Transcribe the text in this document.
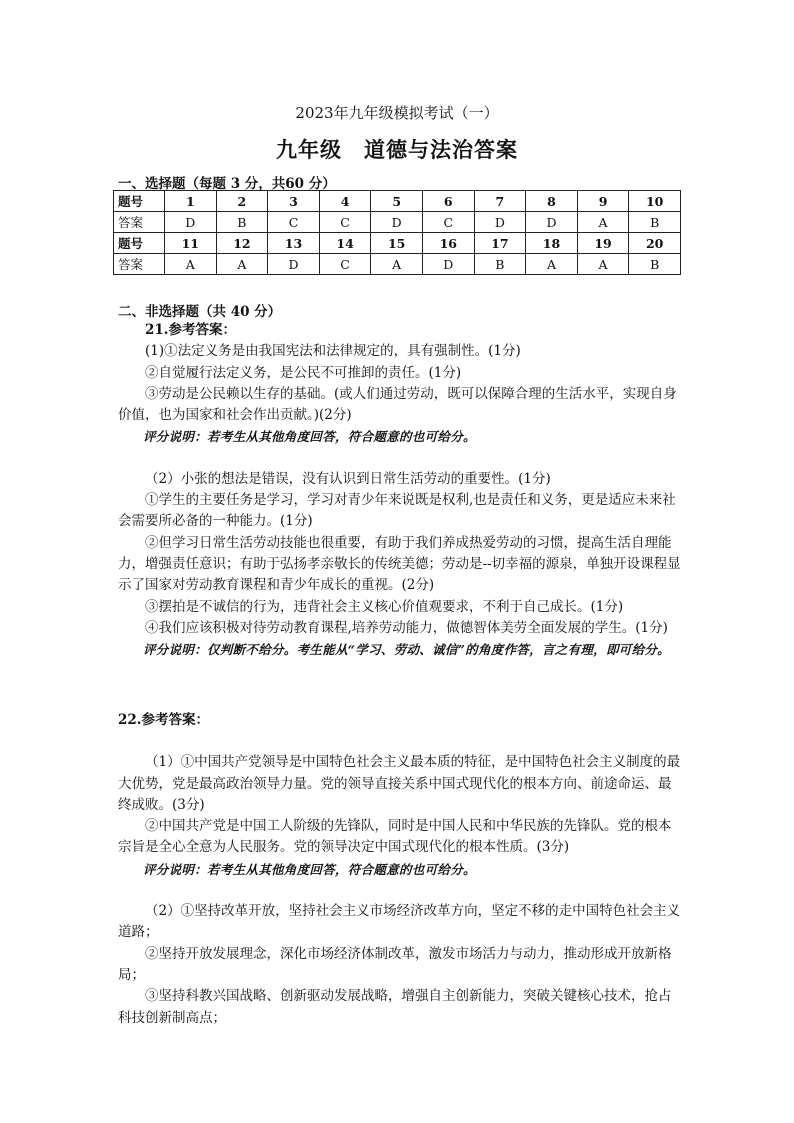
2023年九年级模拟考试（一）
九年级　道德与法治答案
一、选择题（每题 3 分，共60 分）
题号	1	2	3	4	5	6	7	8	9	10
答案	D	B	C	C	D	C	D	D	A	B
题号	11	12	13	14	15	16	17	18	19	20
答案	A	A	D	C	A	D	B	A	A	B
二、非选择题（共 40 分）

21.参考答案：

(1)①法定义务是由我国宪法和法律规定的，具有强制性。(1分)

②自觉履行法定义务，是公民不可推卸的责任。(1分)

③劳动是公民赖以生存的基础。(或人们通过劳动，既可以保障合理的生活水平，实现自身价值，也为国家和社会作出贡献。)(2分)

评分说明：若考生从其他角度回答，符合题意的也可给分。

（2）小张的想法是错误，没有认识到日常生活劳动的重要性。(1分)

①学生的主要任务是学习，学习对青少年来说既是权利,也是责任和义务，更是适应未来社会需要所必备的一种能力。(1分)

②但学习日常生活劳动技能也很重要，有助于我们养成热爱劳动的习惯，提高生活自理能力，增强责任意识；有助于弘扬孝亲敬长的传统美德；劳动是--切幸福的源泉，单独开设课程显示了国家对劳动教育课程和青少年成长的重视。(2分)

③摆拍是不诚信的行为，违背社会主义核心价值观要求，不利于自己成长。(1分)

④我们应该积极对待劳动教育课程,培养劳动能力，做德智体美劳全面发展的学生。(1分)

评分说明：仅判断不给分。考生能从“学习、劳动、诚信”的角度作答，言之有理，即可给分。

22.参考答案：

（1）①中国共产党领导是中国特色社会主义最本质的特征，是中国特色社会主义制度的最大优势，党是最高政治领导力量。党的领导直接关系中国式现代化的根本方向、前途命运、最终成败。(3分)

②中国共产党是中国工人阶级的先锋队，同时是中国人民和中华民族的先锋队。党的根本宗旨是全心全意为人民服务。党的领导决定中国式现代化的根本性质。(3分)

评分说明：若考生从其他角度回答，符合题意的也可给分。

（2）①坚持改革开放，坚持社会主义市场经济改革方向，坚定不移的走中国特色社会主义道路；

②坚持开放发展理念，深化市场经济体制改革，激发市场活力与动力，推动形成开放新格局；

③坚持科教兴国战略、创新驱动发展战略，增强自主创新能力，突破关键核心技术，抢占科技创新制高点；
